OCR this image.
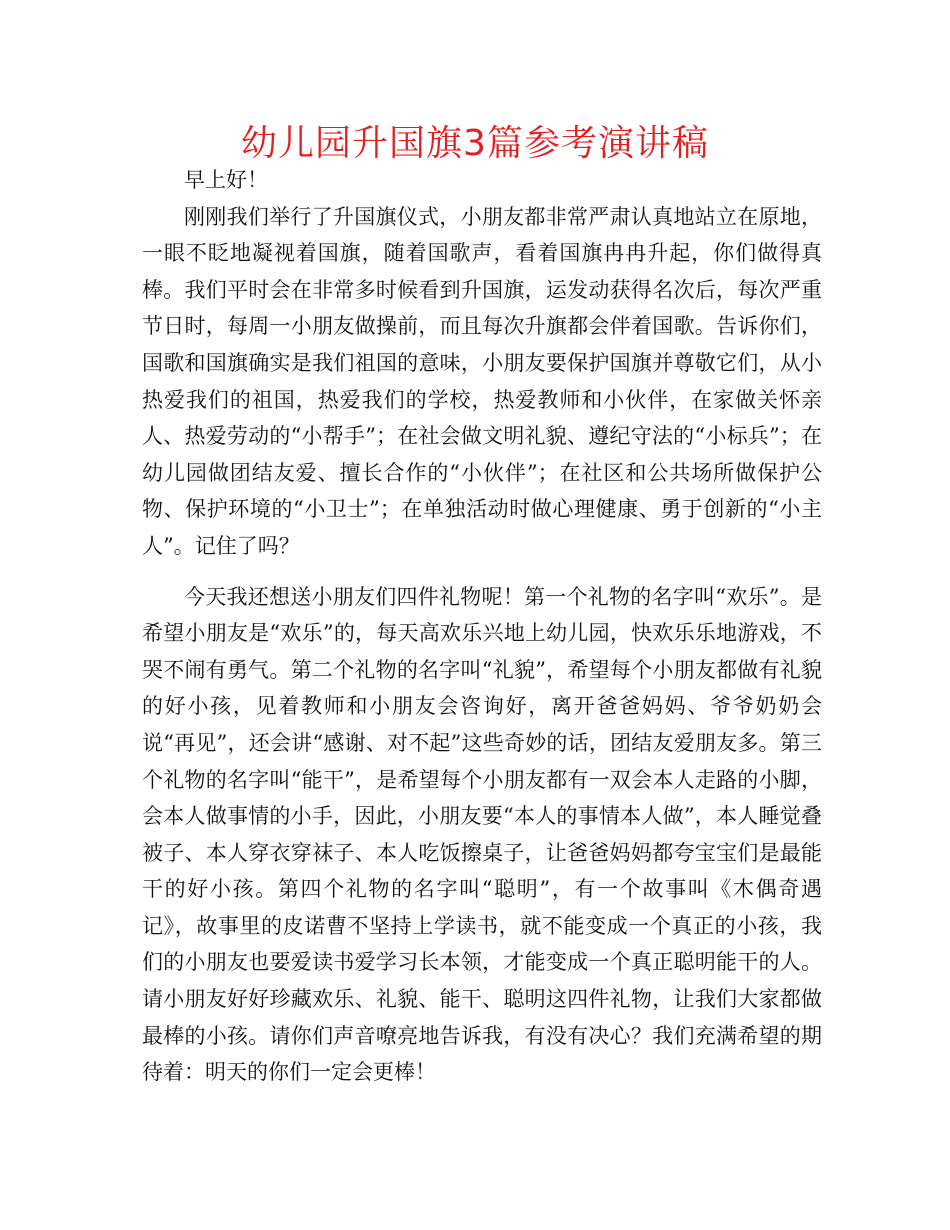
幼儿园升国旗3篇参考演讲稿

早上好！

刚刚我们举行了升国旗仪式，小朋友都非常严肃认真地站立在原地，一眼不眨地凝视着国旗，随着国歌声，看着国旗冉冉升起，你们做得真棒。我们平时会在非常多时候看到升国旗，运发动获得名次后，每次严重节日时，每周一小朋友做操前，而且每次升旗都会伴着国歌。告诉你们，国歌和国旗确实是我们祖国的意味，小朋友要保护国旗并尊敬它们，从小热爱我们的祖国，热爱我们的学校，热爱教师和小伙伴，在家做关怀亲人、热爱劳动的“小帮手”；在社会做文明礼貌、遵纪守法的“小标兵”；在幼儿园做团结友爱、擅长合作的“小伙伴”；在社区和公共场所做保护公物、保护环境的“小卫士”；在单独活动时做心理健康、勇于创新的“小主人”。记住了吗？

今天我还想送小朋友们四件礼物呢！第一个礼物的名字叫“欢乐”。是希望小朋友是“欢乐”的，每天高欢乐兴地上幼儿园，快欢乐乐地游戏，不哭不闹有勇气。第二个礼物的名字叫“礼貌”，希望每个小朋友都做有礼貌的好小孩，见着教师和小朋友会咨询好，离开爸爸妈妈、爷爷奶奶会说“再见”，还会讲“感谢、对不起”这些奇妙的话，团结友爱朋友多。第三个礼物的名字叫“能干”，是希望每个小朋友都有一双会本人走路的小脚，会本人做事情的小手，因此，小朋友要“本人的事情本人做”，本人睡觉叠被子、本人穿衣穿袜子、本人吃饭擦桌子，让爸爸妈妈都夸宝宝们是最能干的好小孩。第四个礼物的名字叫“聪明”，有一个故事叫《木偶奇遇记》，故事里的皮诺曹不坚持上学读书，就不能变成一个真正的小孩，我们的小朋友也要爱读书爱学习长本领，才能变成一个真正聪明能干的人。请小朋友好好珍藏欢乐、礼貌、能干、聪明这四件礼物，让我们大家都做最棒的小孩。请你们声音嘹亮地告诉我，有没有决心？我们充满希望的期待着：明天的你们一定会更棒！
